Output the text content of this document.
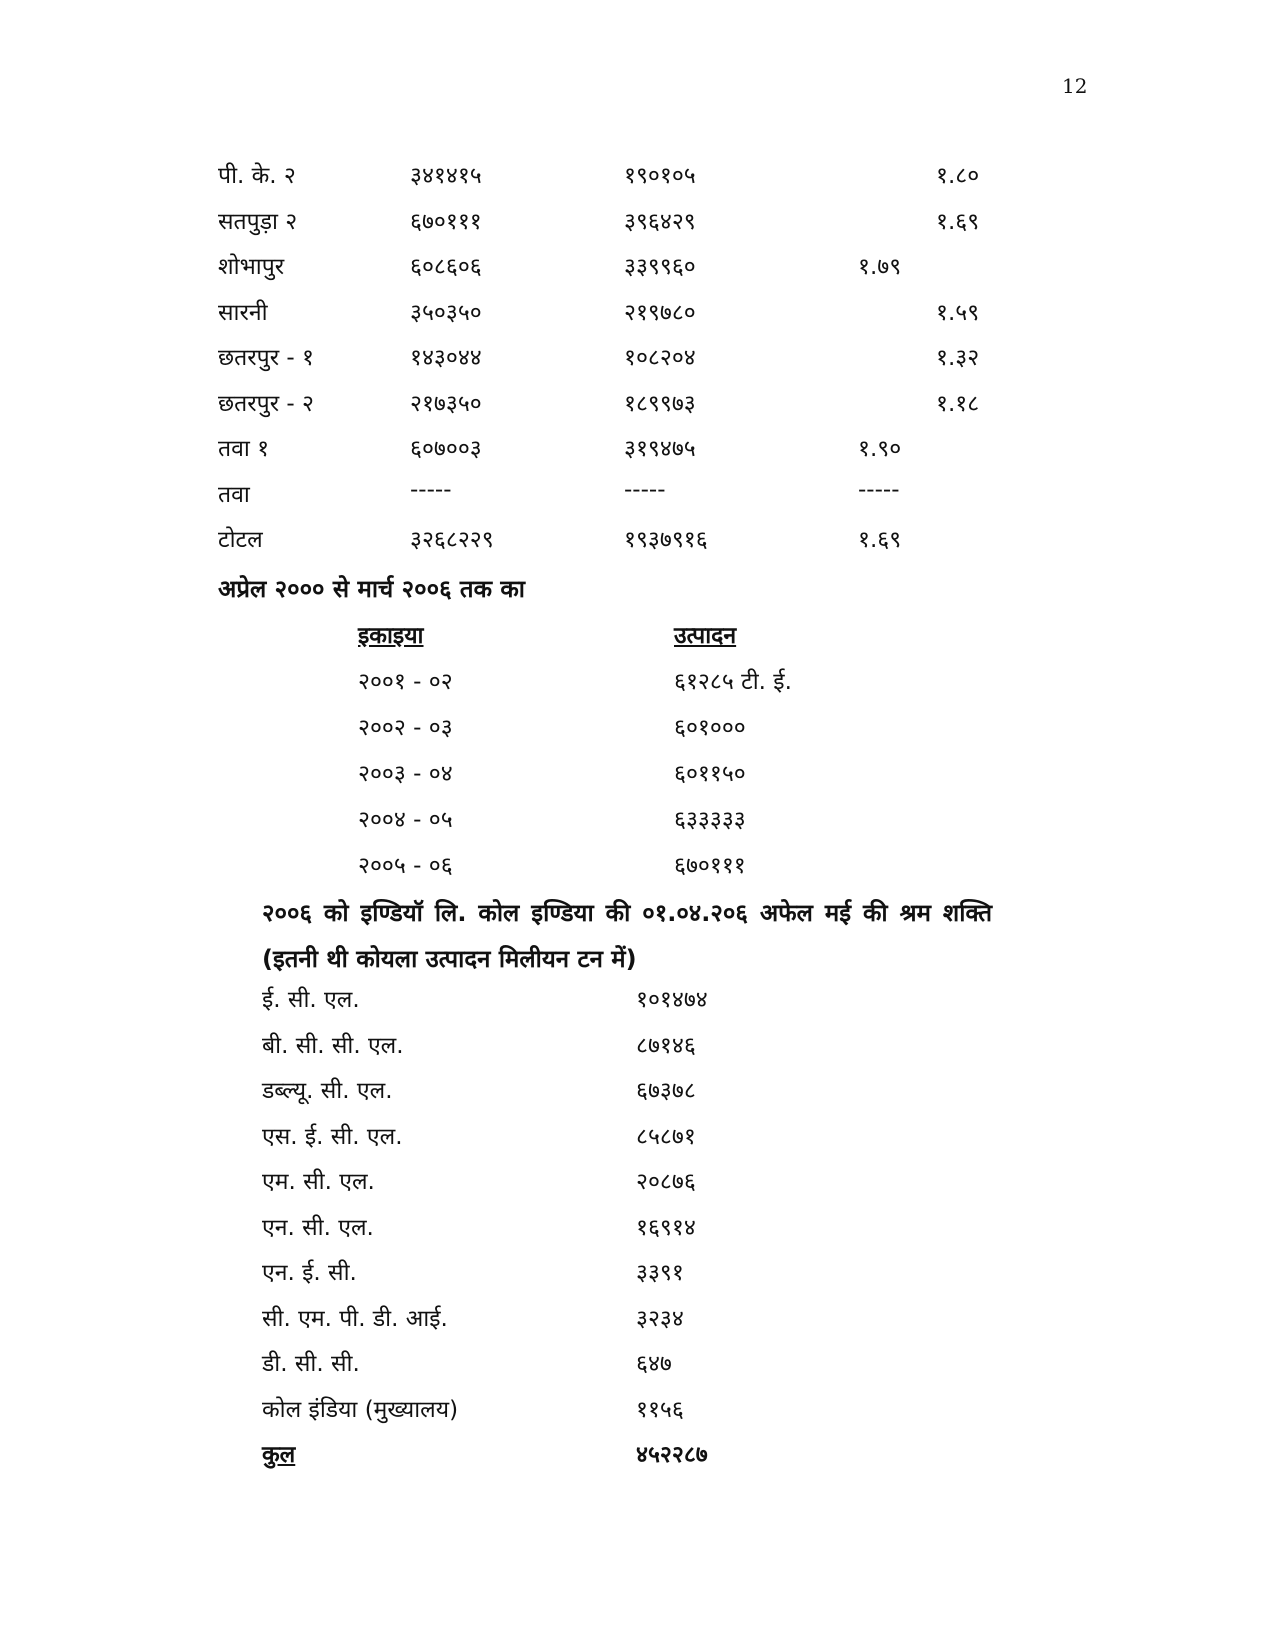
12
पी. के. २	३४१४१५	१९०१०५	१.८०
सतपुड़ा २	६७०१११	३९६४२९	१.६९
शोभापुर	६०८६०६	३३९९६०	१.७९
सारनी	३५०३५०	२१९७८०	१.५९
छतरपुर - १	१४३०४४	१०८२०४	१.३२
छतरपुर - २	२१७३५०	१८९९७३	१.१८
तवा १	६०७००३	३१९४७५	१.९०
तवा	-----	-----	-----
टोटल	३२६८२२९	१९३७९१६	१.६९
अप्रेल २००० से मार्च २००६ तक का
इकाइया	उत्पादन
२००१ - ०२	६१२८५ टी. ई.
२००२ - ०३	६०१०००
२००३ - ०४	६०११५०
२००४ - ०५	६३३३३३
२००५ - ०६	६७०१११
२००६ को इण्डियॉ लि. कोल इण्डिया की ०१.०४.२०६ अफेल मई की श्रम शक्ति (इतनी थी कोयला उत्पादन मिलीयन टन में)
ई. सी. एल.	१०१४७४
बी. सी. सी. एल.	८७१४६
डब्ल्यू. सी. एल.	६७३७८
एस. ई. सी. एल.	८५८७१
एम. सी. एल.	२०८७६
एन. सी. एल.	१६९१४
एन. ई. सी.	३३९१
सी. एम. पी. डी. आई.	३२३४
डी. सी. सी.	६४७
कोल इंडिया (मुख्यालय)	११५६
कुल	४५२२८७
